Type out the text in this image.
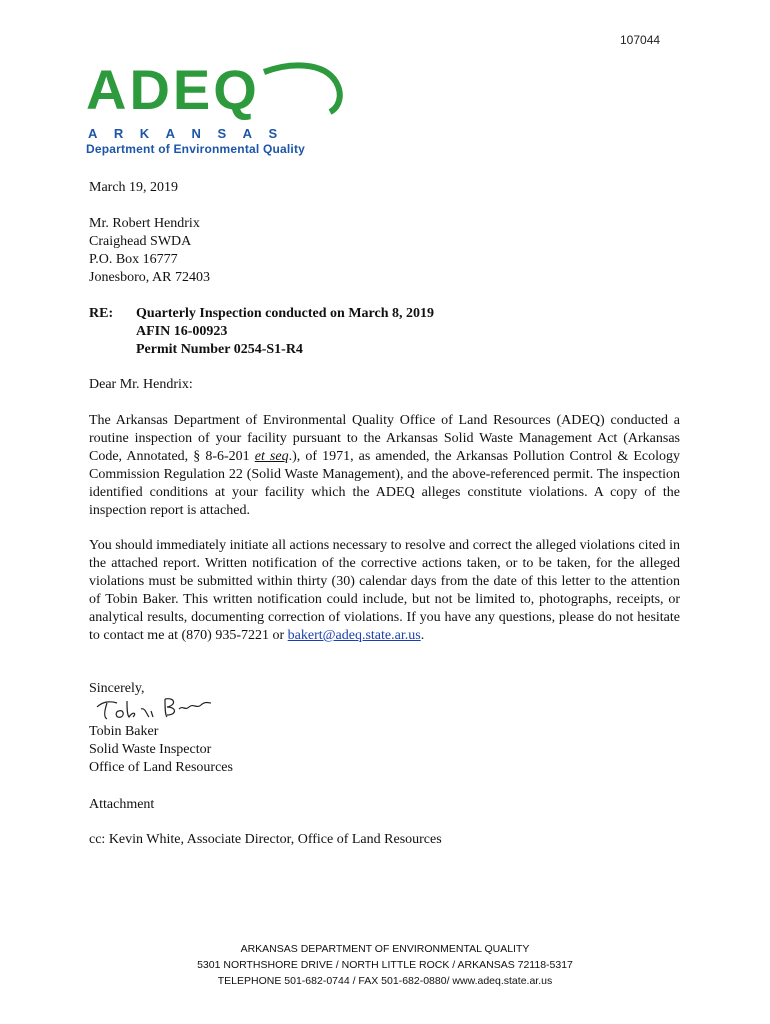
107044
ADEQ
ARKANSAS
Department of Environmental Quality
March 19, 2019
Mr. Robert Hendrix
Craighead SWDA
P.O. Box 16777
Jonesboro, AR 72403
RE: Quarterly Inspection conducted on March 8, 2019
AFIN 16-00923
Permit Number 0254-S1-R4
Dear Mr. Hendrix:
The Arkansas Department of Environmental Quality Office of Land Resources (ADEQ) conducted a routine inspection of your facility pursuant to the Arkansas Solid Waste Management Act (Arkansas Code, Annotated, § 8-6-201 et seq.), of 1971, as amended, the Arkansas Pollution Control & Ecology Commission Regulation 22 (Solid Waste Management), and the above-referenced permit. The inspection identified conditions at your facility which the ADEQ alleges constitute violations. A copy of the inspection report is attached.
You should immediately initiate all actions necessary to resolve and correct the alleged violations cited in the attached report. Written notification of the corrective actions taken, or to be taken, for the alleged violations must be submitted within thirty (30) calendar days from the date of this letter to the attention of Tobin Baker. This written notification could include, but not be limited to, photographs, receipts, or analytical results, documenting correction of violations. If you have any questions, please do not hesitate to contact me at (870) 935-7221 or bakert@adeq.state.ar.us.
Sincerely,
Tobin Baker
Solid Waste Inspector
Office of Land Resources
Attachment
cc: Kevin White, Associate Director, Office of Land Resources
ARKANSAS DEPARTMENT OF ENVIRONMENTAL QUALITY
5301 NORTHSHORE DRIVE / NORTH LITTLE ROCK / ARKANSAS 72118-5317
TELEPHONE 501-682-0744 / FAX 501-682-0880/ www.adeq.state.ar.us
